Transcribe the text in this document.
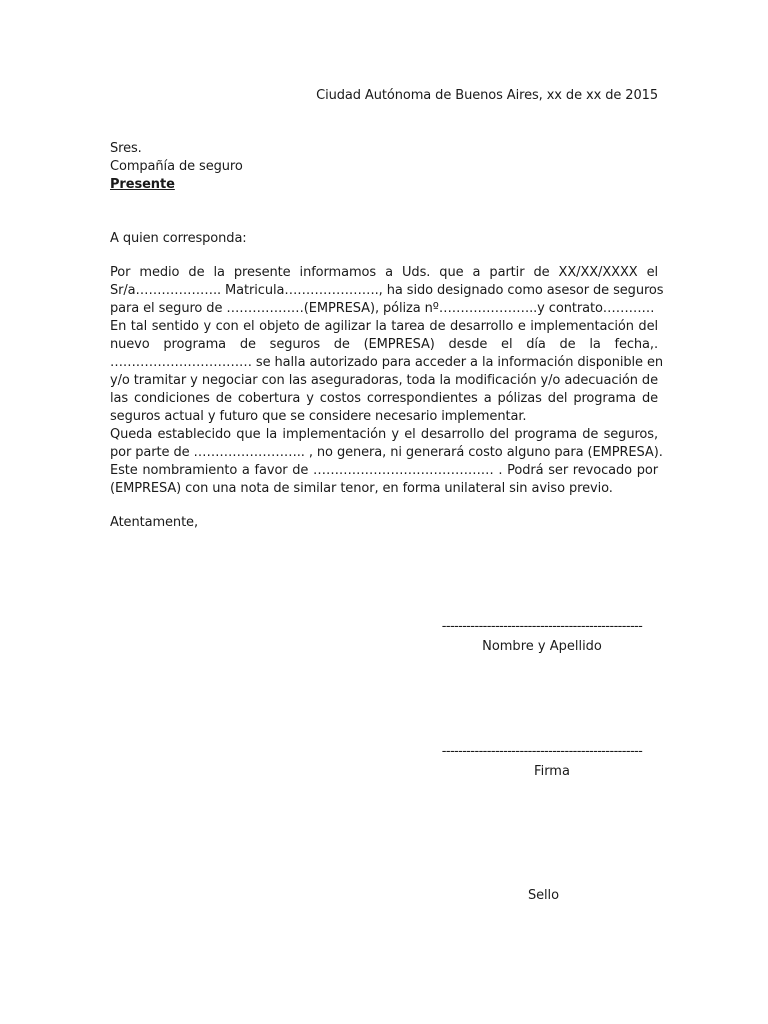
Ciudad Autónoma de Buenos Aires, xx de xx de 2015
Sres.
Compañía de seguro
Presente
A quien corresponda:
Por medio de la presente informamos a Uds. que a partir de XX/XX/XXXX el
Sr/a……………….. Matricula…………………., ha sido designado como asesor de seguros
para el seguro de ………………(EMPRESA), póliza nº…………………..y contrato…………
En tal sentido y con el objeto de agilizar la tarea de desarrollo e implementación del
nuevo programa de seguros de (EMPRESA) desde el día de la fecha,.
…………………………… se halla autorizado para acceder a la información disponible en
y/o tramitar y negociar con las aseguradoras, toda la modificación y/o adecuación de
las condiciones de cobertura y costos correspondientes a pólizas del programa de
seguros actual y futuro que se considere necesario implementar.
Queda establecido que la implementación y el desarrollo del programa de seguros,
por parte de …………………….. , no genera, ni generará costo alguno para (EMPRESA).
Este nombramiento a favor de …………………………………… . Podrá ser revocado por
(EMPRESA) con una nota de similar tenor, en forma unilateral sin aviso previo.
Atentamente,
-------------------------------------------------
Nombre y Apellido
-------------------------------------------------
Firma
Sello
